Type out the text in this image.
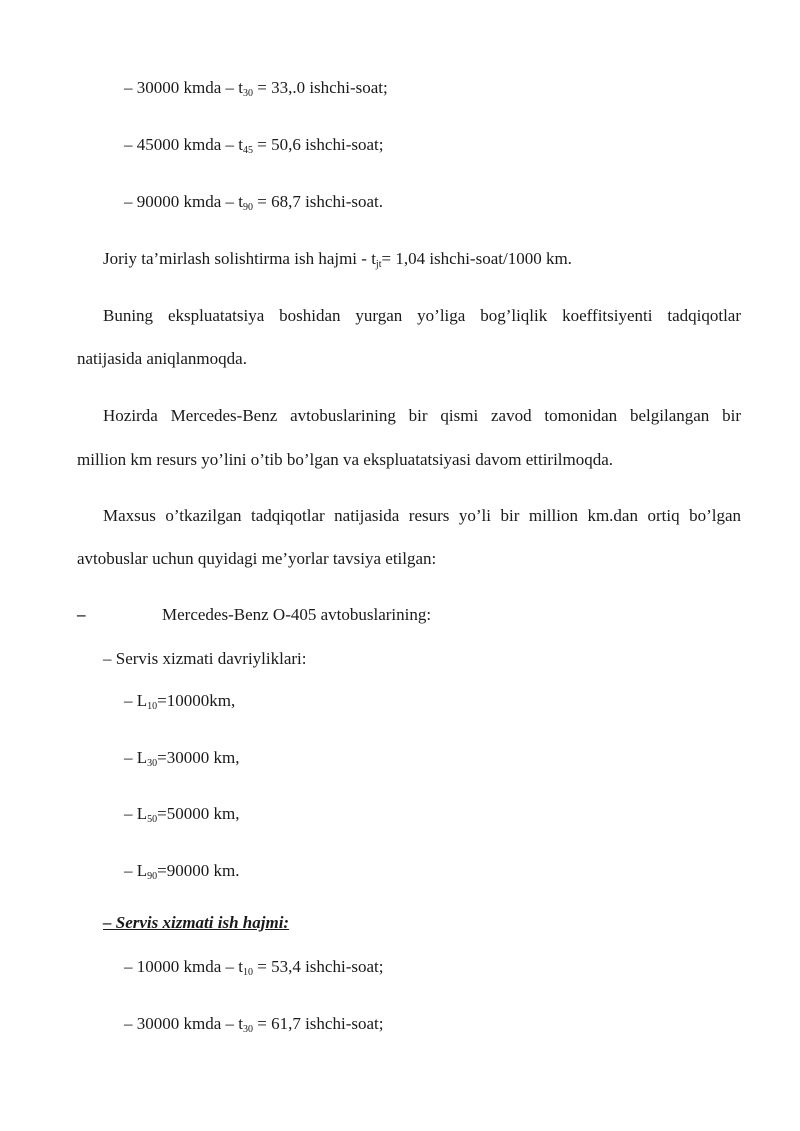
– 30000 kmda – $t_{30} = 33,.0$ ishchi-soat;
– 45000 kmda – $t_{45} = 50,6$ ishchi-soat;
– 90000 kmda – $t_{90} = 68,7$ ishchi-soat.
Joriy ta’mirlash solishtirma ish hajmi - $t_{jt}= 1,04$ ishchi-soat/1000 km.
Buning ekspluatatsiya boshidan yurgan yo’liga bog’liqlik koeffitsiyenti tadqiqotlar
natijasida aniqlanmoqda.
Hozirda Mercedes-Benz avtobuslarining bir qismi zavod tomonidan belgilangan bir
million km resurs yo’lini o’tib bo’lgan va ekspluatatsiyasi davom ettirilmoqda.
Maxsus o’tkazilgan tadqiqotlar natijasida resurs yo’li bir million km.dan ortiq bo’lgan
avtobuslar uchun quyidagi me’yorlar tavsiya etilgan:
–	Mercedes-Benz O-405 avtobuslarining:
– Servis xizmati davriyliklari:
– $L_{10}=10000km$,
– $L_{30}=30000$ km,
– $L_{50}=50000$ km,
– $L_{90}=90000$ km.
– Servis xizmati ish hajmi:
– 10000 kmda – $t_{10} = 53,4$ ishchi-soat;
– 30000 kmda – $t_{30} = 61,7$ ishchi-soat;
